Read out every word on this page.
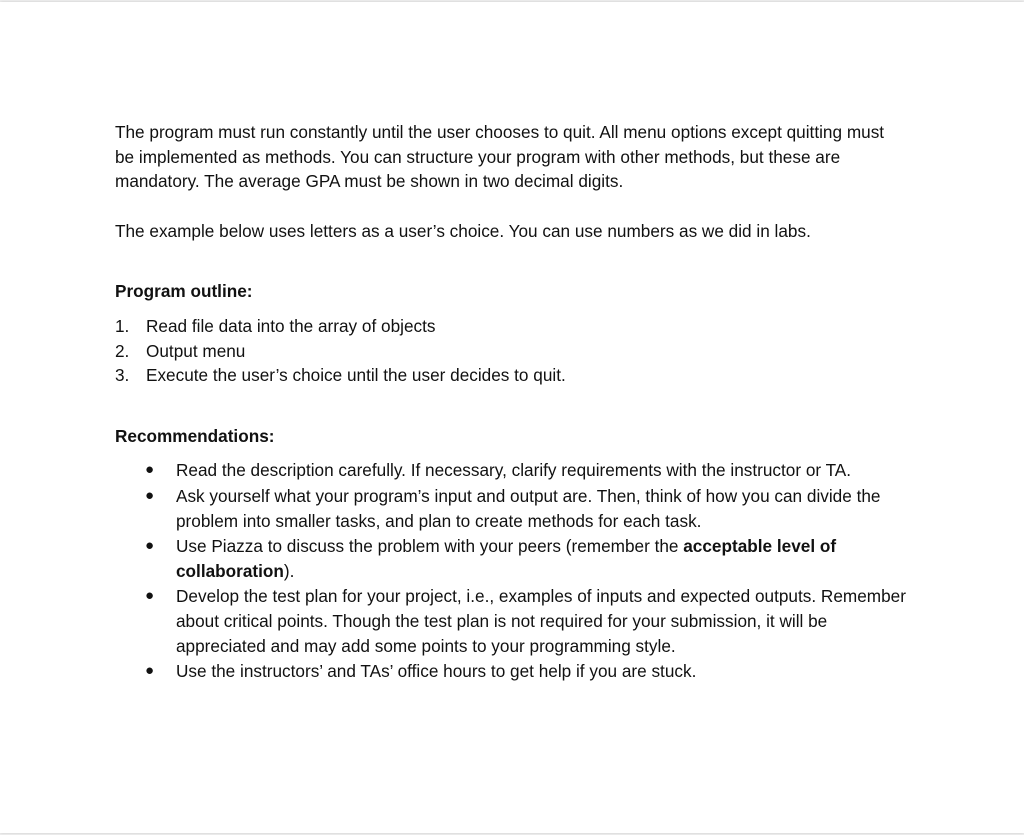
The program must run constantly until the user chooses to quit. All menu options except quitting must be implemented as methods. You can structure your program with other methods, but these are mandatory. The average GPA must be shown in two decimal digits.

The example below uses letters as a user’s choice. You can use numbers as we did in labs.

Program outline:

1. Read file data into the array of objects
2. Output menu
3. Execute the user’s choice until the user decides to quit.

Recommendations:

● Read the description carefully. If necessary, clarify requirements with the instructor or TA.
● Ask yourself what your program’s input and output are. Then, think of how you can divide the problem into smaller tasks, and plan to create methods for each task.
● Use Piazza to discuss the problem with your peers (remember the acceptable level of collaboration).
● Develop the test plan for your project, i.e., examples of inputs and expected outputs. Remember about critical points. Though the test plan is not required for your submission, it will be appreciated and may add some points to your programming style.
● Use the instructors’ and TAs’ office hours to get help if you are stuck.
